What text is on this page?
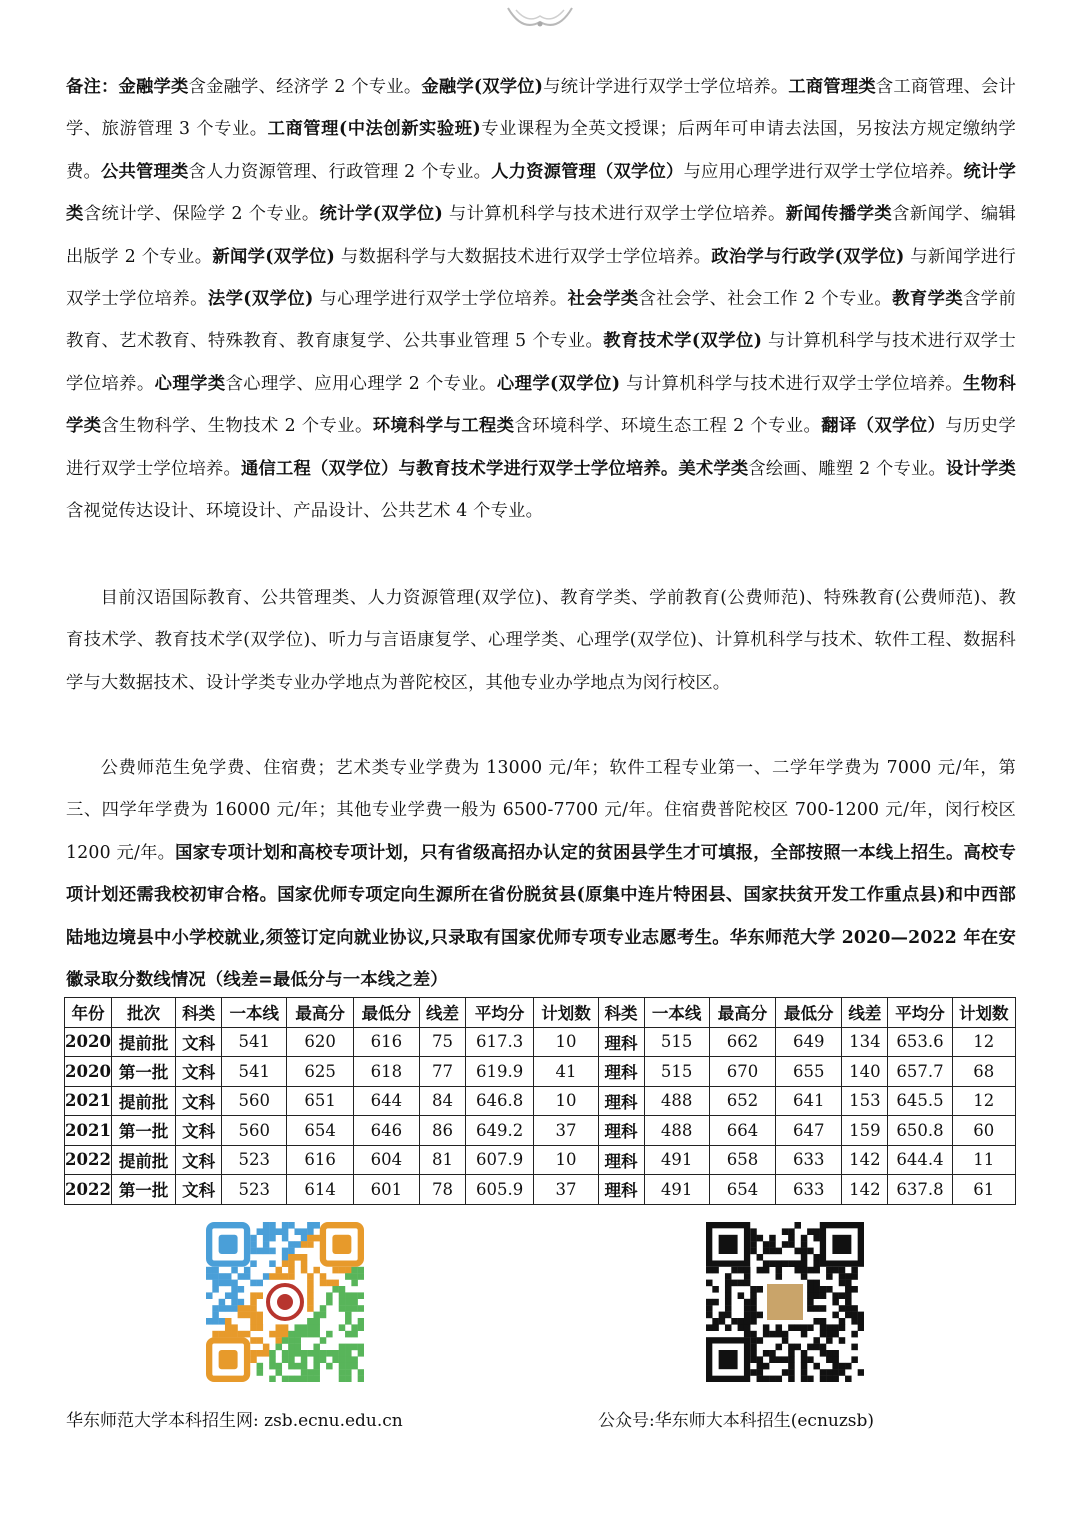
备注：金融学类含金融学、经济学 2 个专业。金融学(双学位)与统计学进行双学士学位培养。工商管理类含工商管理、会计学、旅游管理 3 个专业。工商管理(中法创新实验班)专业课程为全英文授课；后两年可申请去法国，另按法方规定缴纳学费。公共管理类含人力资源管理、行政管理 2 个专业。人力资源管理（双学位）与应用心理学进行双学士学位培养。统计学类含统计学、保险学 2 个专业。统计学(双学位) 与计算机科学与技术进行双学士学位培养。新闻传播学类含新闻学、编辑出版学 2 个专业。新闻学(双学位) 与数据科学与大数据技术进行双学士学位培养。政治学与行政学(双学位) 与新闻学进行双学士学位培养。法学(双学位) 与心理学进行双学士学位培养。社会学类含社会学、社会工作 2 个专业。教育学类含学前教育、艺术教育、特殊教育、教育康复学、公共事业管理 5 个专业。教育技术学(双学位) 与计算机科学与技术进行双学士学位培养。心理学类含心理学、应用心理学 2 个专业。心理学(双学位) 与计算机科学与技术进行双学士学位培养。生物科学类含生物科学、生物技术 2 个专业。环境科学与工程类含环境科学、环境生态工程 2 个专业。翻译（双学位）与历史学进行双学士学位培养。通信工程（双学位）与教育技术学进行双学士学位培养。美术学类含绘画、雕塑 2 个专业。设计学类含视觉传达设计、环境设计、产品设计、公共艺术 4 个专业。

目前汉语国际教育、公共管理类、人力资源管理(双学位)、教育学类、学前教育(公费师范)、特殊教育(公费师范)、教育技术学、教育技术学(双学位)、听力与言语康复学、心理学类、心理学(双学位)、计算机科学与技术、软件工程、数据科学与大数据技术、设计学类专业办学地点为普陀校区，其他专业办学地点为闵行校区。

公费师范生免学费、住宿费；艺术类专业学费为 13000 元/年；软件工程专业第一、二学年学费为 7000 元/年，第三、四学年学费为 16000 元/年；其他专业学费一般为 6500-7700 元/年。住宿费普陀校区 700-1200 元/年，闵行校区 1200 元/年。国家专项计划和高校专项计划，只有省级高招办认定的贫困县学生才可填报，全部按照一本线上招生。高校专项计划还需我校初审合格。国家优师专项定向生源所在省份脱贫县(原集中连片特困县、国家扶贫开发工作重点县)和中西部陆地边境县中小学校就业,须签订定向就业协议,只录取有国家优师专项专业志愿考生。华东师范大学 2020—2022 年在安徽录取分数线情况（线差=最低分与一本线之差）

年份	批次	科类	一本线	最高分	最低分	线差	平均分	计划数	科类	一本线	最高分	最低分	线差	平均分	计划数
2020	提前批	文科	541	620	616	75	617.3	10	理科	515	662	649	134	653.6	12
2020	第一批	文科	541	625	618	77	619.9	41	理科	515	670	655	140	657.7	68
2021	提前批	文科	560	651	644	84	646.8	10	理科	488	652	641	153	645.5	12
2021	第一批	文科	560	654	646	86	649.2	37	理科	488	664	647	159	650.8	60
2022	提前批	文科	523	616	604	81	607.9	10	理科	491	658	633	142	644.4	11
2022	第一批	文科	523	614	601	78	605.9	37	理科	491	654	633	142	637.8	61
华东师范大学本科招生网: zsb.ecnu.edu.cn	公众号:华东师大本科招生(ecnuzsb)
